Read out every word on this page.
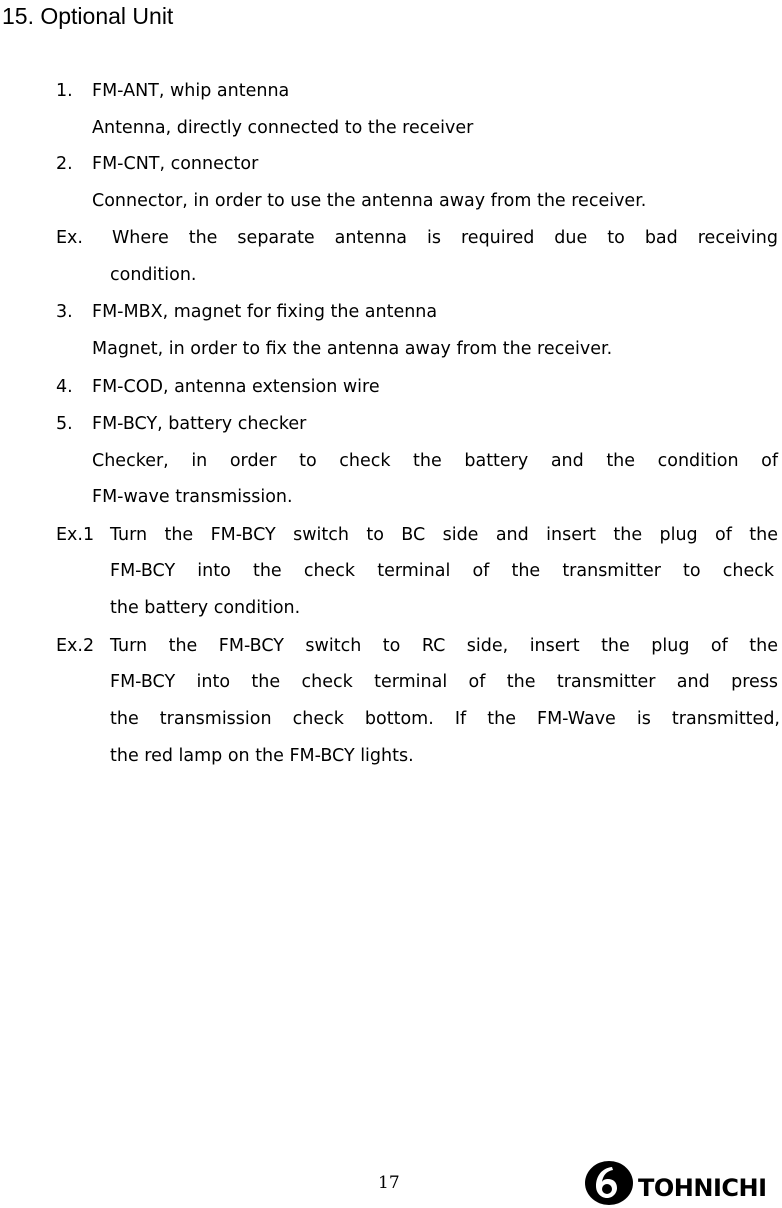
15. Optional Unit
1. FM-ANT, whip antenna
Antenna, directly connected to the receiver
2. FM-CNT, connector
Connector, in order to use the antenna away from the receiver.
Ex. Where the separate antenna is required due to bad receiving
condition.
3. FM-MBX, magnet for fixing the antenna
Magnet, in order to fix the antenna away from the receiver.
4. FM-COD, antenna extension wire
5. FM-BCY, battery checker
Checker, in order to check the battery and the condition of
FM-wave transmission.
Ex.1 Turn the FM-BCY switch to BC side and insert the plug of the
FM-BCY into the check terminal of the transmitter to check
the battery condition.
Ex.2 Turn the FM-BCY switch to RC side, insert the plug of the
FM-BCY into the check terminal of the transmitter and press
the transmission check bottom. If the FM-Wave is transmitted,
the red lamp on the FM-BCY lights.
17	TOHNICHI
